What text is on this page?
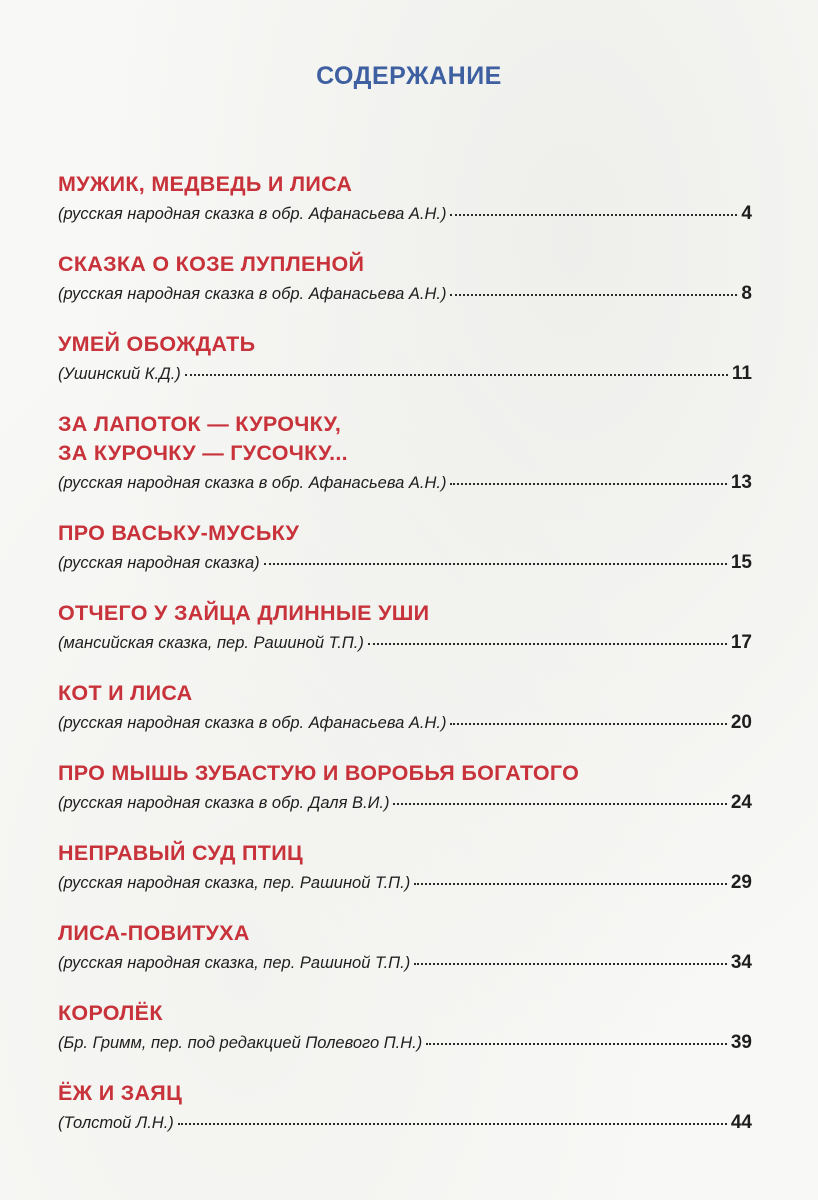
СОДЕРЖАНИЕ
МУЖИК, МЕДВЕДЬ И ЛИСА
(русская народная сказка в обр. Афанасьева А.Н.)	4
СКАЗКА О КОЗЕ ЛУПЛЕНОЙ
(русская народная сказка в обр. Афанасьева А.Н.)	8
УМЕЙ ОБОЖДАТЬ
(Ушинский К.Д.)	11
ЗА ЛАПОТОК — КУРОЧКУ,
ЗА КУРОЧКУ — ГУСОЧКУ...
(русская народная сказка в обр. Афанасьева А.Н.)	13
ПРО ВАСЬКУ-МУСЬКУ
(русская народная сказка)	15
ОТЧЕГО У ЗАЙЦА ДЛИННЫЕ УШИ
(мансийская сказка, пер. Рашиной Т.П.)	17
КОТ И ЛИСА
(русская народная сказка в обр. Афанасьева А.Н.)	20
ПРО МЫШЬ ЗУБАСТУЮ И ВОРОБЬЯ БОГАТОГО
(русская народная сказка в обр. Даля В.И.)	24
НЕПРАВЫЙ СУД ПТИЦ
(русская народная сказка, пер. Рашиной Т.П.)	29
ЛИСА-ПОВИТУХА
(русская народная сказка, пер. Рашиной Т.П.)	34
КОРОЛЁК
(Бр. Гримм, пер. под редакцией Полевого П.Н.)	39
ЁЖ И ЗАЯЦ
(Толстой Л.Н.)	44
